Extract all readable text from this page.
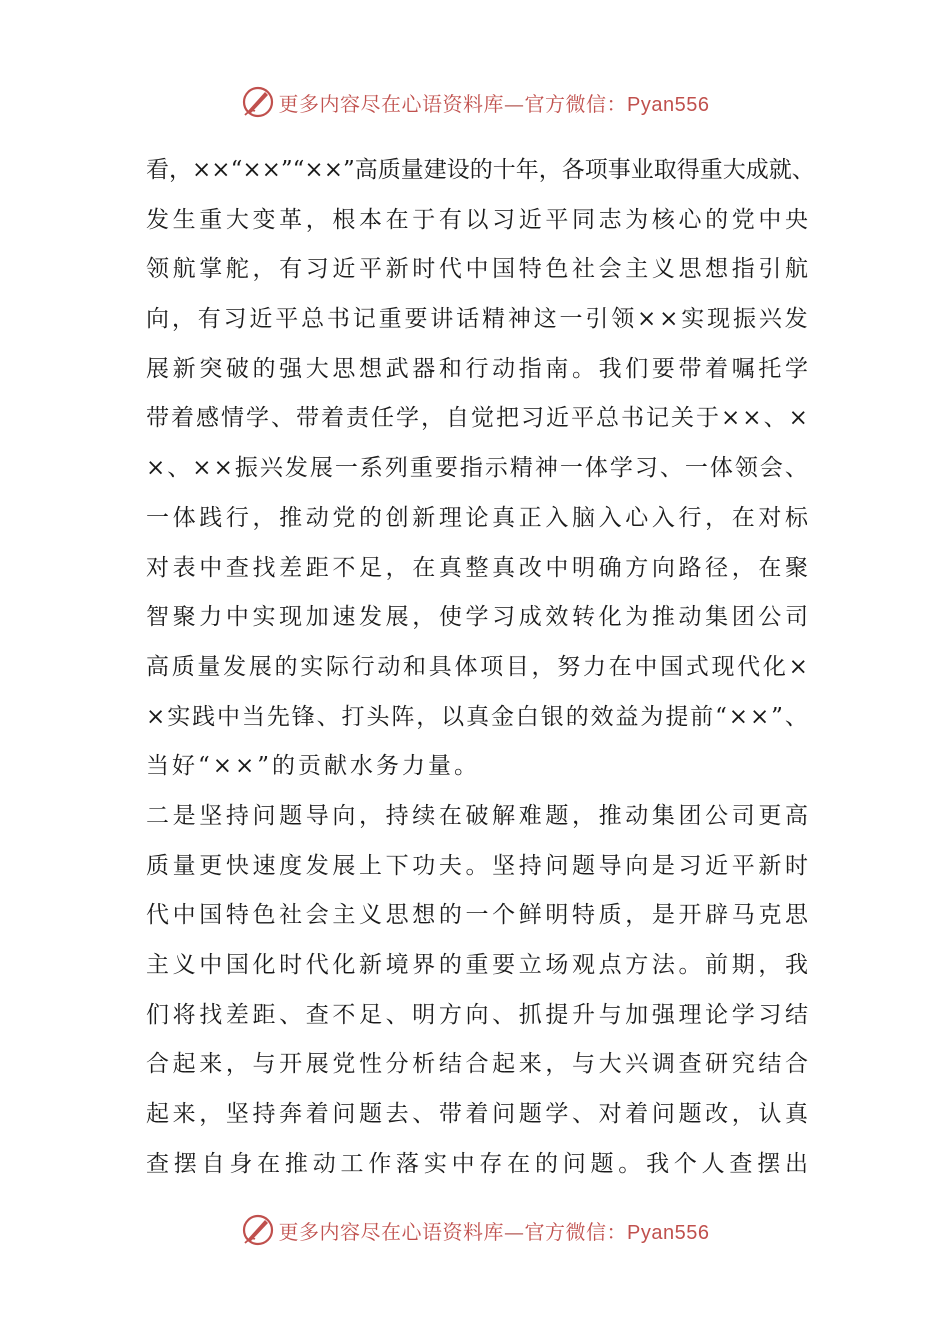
更多内容尽在心语资料库—官方微信：Pyan556
看 ， × × “ × × ” “ × × ” 高 质 量 建 设 的 十 年 ， 各 项 事 业 取 得 重 大 成 就 、
发 生 重 大 变 革 ， 根 本 在 于 有 以 习 近 平 同 志 为 核 心 的 党 中 央
领 航 掌 舵 ， 有 习 近 平 新 时 代 中 国 特 色 社 会 主 义 思 想 指 引 航
向 ， 有 习 近 平 总 书 记 重 要 讲 话 精 神 这 一 引 领 × × 实 现 振 兴 发
展 新 突 破 的 强 大 思 想 武 器 和 行 动 指 南 。 我 们 要 带 着 嘱 托 学
带 着 感 情 学 、 带 着 责 任 学 ， 自 觉 把 习 近 平 总 书 记 关 于 × × 、 ×
× 、 × × 振 兴 发 展 一 系 列 重 要 指 示 精 神 一 体 学 习 、 一 体 领 会 、
一 体 践 行 ， 推 动 党 的 创 新 理 论 真 正 入 脑 入 心 入 行 ， 在 对 标
对 表 中 查 找 差 距 不 足 ， 在 真 整 真 改 中 明 确 方 向 路 径 ， 在 聚
智 聚 力 中 实 现 加 速 发 展 ， 使 学 习 成 效 转 化 为 推 动 集 团 公 司
高 质 量 发 展 的 实 际 行 动 和 具 体 项 目 ， 努 力 在 中 国 式 现 代 化 ×
× 实 践 中 当 先 锋 、 打 头 阵 ， 以 真 金 白 银 的 效 益 为 提 前 “ × × ” 、
当好“××”的贡献水务力量。
二 是 坚 持 问 题 导 向 ， 持 续 在 破 解 难 题 ， 推 动 集 团 公 司 更 高
质 量 更 快 速 度 发 展 上 下 功 夫 。 坚 持 问 题 导 向 是 习 近 平 新 时
代 中 国 特 色 社 会 主 义 思 想 的 一 个 鲜 明 特 质 ， 是 开 辟 马 克 思
主 义 中 国 化 时 代 化 新 境 界 的 重 要 立 场 观 点 方 法 。 前 期 ， 我
们 将 找 差 距 、 查 不 足 、 明 方 向 、 抓 提 升 与 加 强 理 论 学 习 结
合 起 来 ， 与 开 展 党 性 分 析 结 合 起 来 ， 与 大 兴 调 查 研 究 结 合
起 来 ， 坚 持 奔 着 问 题 去 、 带 着 问 题 学 、 对 着 问 题 改 ， 认 真
查 摆 自 身 在 推 动 工 作 落 实 中 存 在 的 问 题 。 我 个 人 查 摆 出
更多内容尽在心语资料库—官方微信：Pyan556
